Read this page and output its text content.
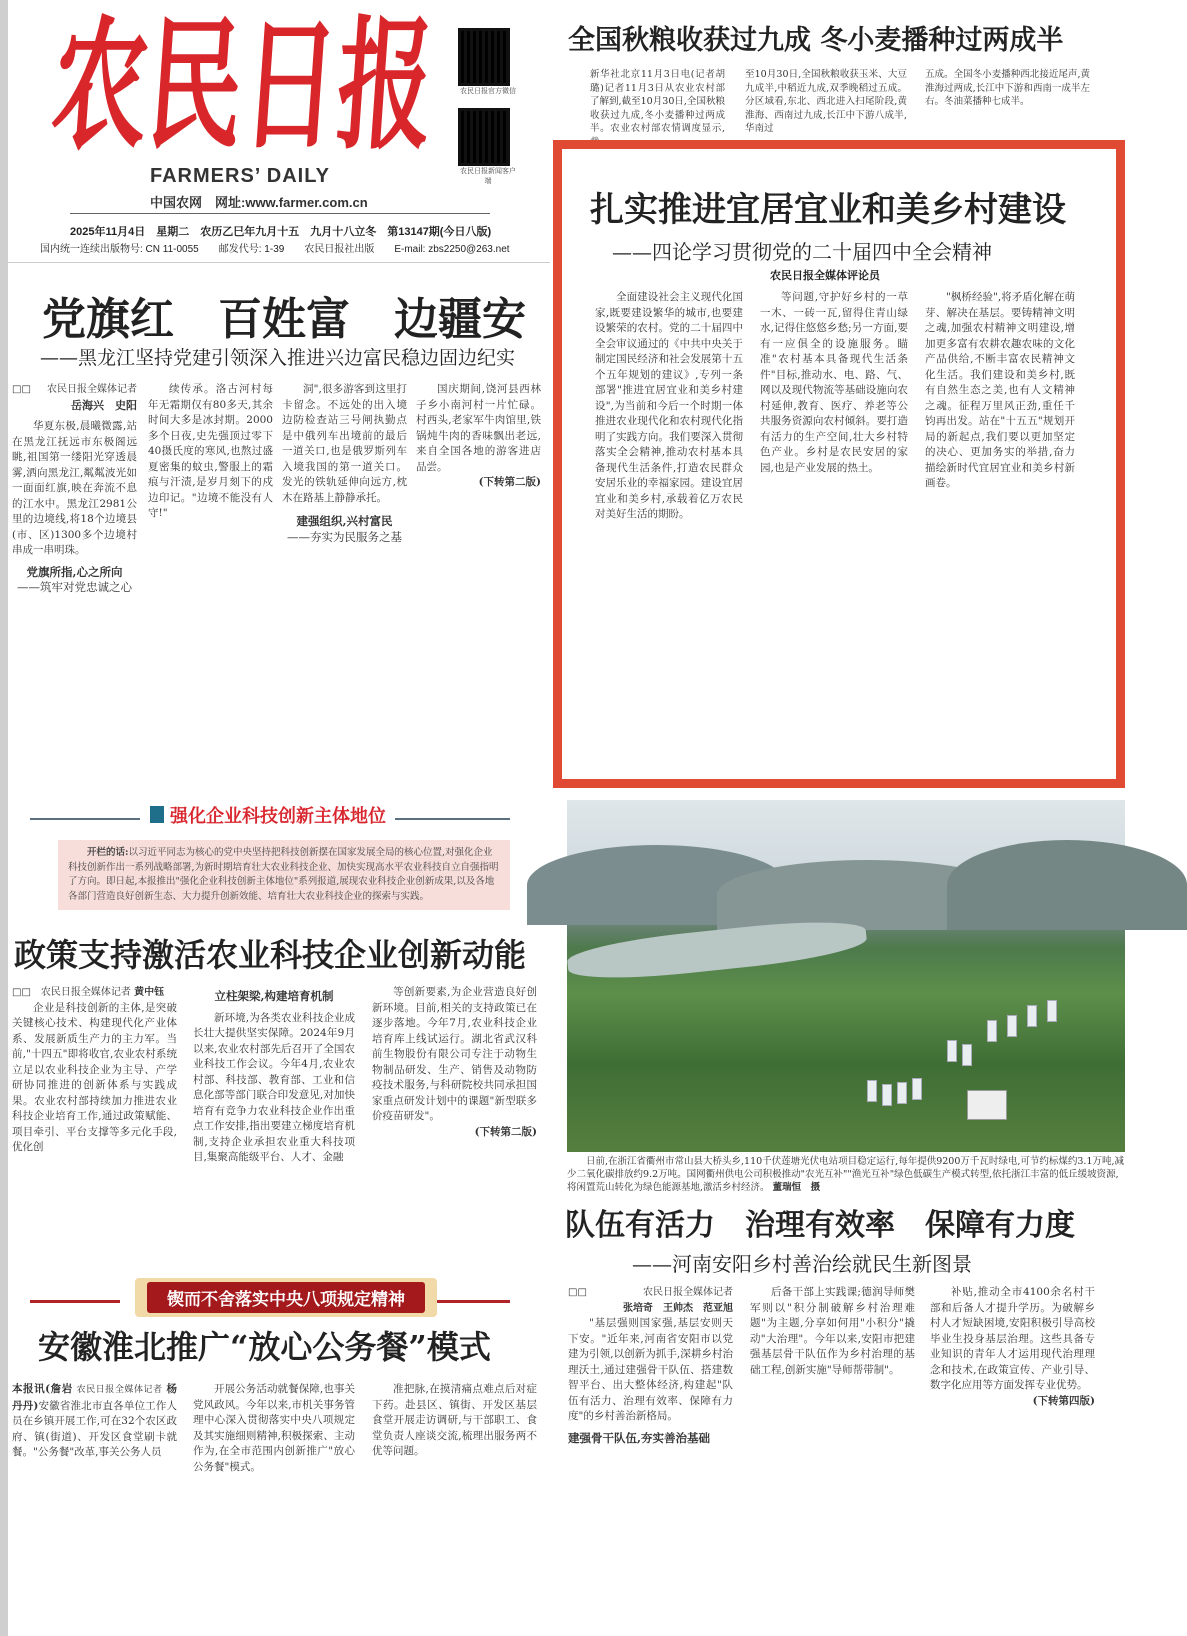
农民日报
FARMERS’ DAILY
农民日报官方微信
农民日报新闻客户端
中国农网　网址:www.farmer.com.cn
2025年11月4日　 星期二　 农历乙巳年九月十五　 九月十八立冬　 第13147期(今日八版)
国内统一连续出版物号: CN 11-0055　　 邮发代号: 1-39　　 农民日报社出版　　 E-mail: zbs2250@263.net
全国秋粮收获过九成 冬小麦播种过两成半
新华社北京11月3日电(记者胡璐)记者11月3日从农业农村部了解到,截至10月30日,全国秋粮收获过九成,冬小麦播种过两成半。农业农村部农情调度显示,截
至10月30日,全国秋粮收获玉米、大豆九成半,中稻近九成,双季晚稻过五成。分区域看,东北、西北进入扫尾阶段,黄淮海、西南过九成,长江中下游八成半,华南过
五成。全国冬小麦播种西北接近尾声,黄淮海过两成,长江中下游和西南一成半左右。冬油菜播种七成半。
扎实推进宜居宜业和美乡村建设
——四论学习贯彻党的二十届四中全会精神
农民日报全媒体评论员

全面建设社会主义现代化国家,既要建设繁华的城市,也要建设繁荣的农村。党的二十届四中全会审议通过的《中共中央关于制定国民经济和社会发展第十五个五年规划的建议》,专列一条部署"推进宜居宜业和美乡村建设",为当前和今后一个时期一体推进农业现代化和农村现代化指明了实践方向。我们要深入贯彻落实全会精神,推动农村基本具备现代生活条件,打造农民群众安居乐业的幸福家园。建设宜居宜业和美乡村,承载着亿万农民对美好生活的期盼。

等问题,守护好乡村的一草一木、一砖一瓦,留得住青山绿水,记得住悠悠乡愁;另一方面,要有一应俱全的设施服务。瞄准"农村基本具备现代生活条件"目标,推动水、电、路、气、网以及现代物流等基础设施向农村延伸,教育、医疗、养老等公共服务资源向农村倾斜。要打造有活力的生产空间,壮大乡村特色产业。乡村是农民安居的家园,也是产业发展的热土。

"枫桥经验",将矛盾化解在萌芽、解决在基层。要铸精神文明之魂,加强农村精神文明建设,增加更多富有农耕农趣农味的文化产品供给,不断丰富农民精神文化生活。我们建设和美乡村,既有自然生态之美,也有人文精神之魂。征程万里风正劲,重任千钧再出发。站在"十五五"规划开局的新起点,我们要以更加坚定的决心、更加务实的举措,奋力描绘新时代宜居宜业和美乡村新画卷。

党旗红　百姓富　边疆安
——黑龙江坚持党建引领深入推进兴边富民稳边固边纪实
□□ 农民日报全媒体记者
岳海兴　史阳

华夏东极,晨曦微露,站在黑龙江抚远市东极阁远眺,祖国第一缕阳光穿透晨雾,洒向黑龙江,粼粼波光如一面面红旗,映在奔流不息的江水中。黑龙江2981公里的边境线,将18个边境县(市、区)1300多个边境村串成一串明珠。

党旗所指,心之所向

——筑牢对党忠诚之心

续传承。洛古河村每年无霜期仅有80多天,其余时间大多是冰封期。2000多个日夜,史先强顶过零下40摄氏度的寒风,也熬过盛夏密集的蚊虫,警服上的霜痕与汗渍,是岁月刻下的戍边印记。"边境不能没有人守!"

洞",很多游客到这里打卡留念。不远处的出入境边防检查站三号闸执勤点是中俄列车出境前的最后一道关口,也是俄罗斯列车入境我国的第一道关口。发光的铁轨延伸向远方,枕木在路基上静静承托。

建强组织,兴村富民

——夯实为民服务之基

国庆期间,饶河县西林子乡小南河村一片忙碌。村西头,老家军牛肉馆里,铁锅炖牛肉的香味飘出老远,来自全国各地的游客进店品尝。

(下转第二版)

强化企业科技创新主体地位
开栏的话:以习近平同志为核心的党中央坚持把科技创新摆在国家发展全局的核心位置,对强化企业科技创新作出一系列战略部署,为新时期培育壮大农业科技企业、加快实现高水平农业科技自立自强指明了方向。即日起,本报推出"强化企业科技创新主体地位"系列报道,展现农业科技企业创新成果,以及各地各部门营造良好创新生态、大力提升创新效能、培育壮大农业科技企业的探索与实践。
政策支持激活农业科技企业创新动能
□□　 农民日报全媒体记者 黄中钰

企业是科技创新的主体,是突破关键核心技术、构建现代化产业体系、发展新质生产力的主力军。当前,"十四五"即将收官,农业农村系统立足以农业科技企业为主导、产学研协同推进的创新体系与实践成果。农业农村部持续加力推进农业科技企业培育工作,通过政策赋能、项目牵引、平台支撑等多元化手段,优化创

立柱架梁,构建培育机制

新环境,为各类农业科技企业成长壮大提供坚实保障。2024年9月以来,农业农村部先后召开了全国农业科技工作会议。今年4月,农业农村部、科技部、教育部、工业和信息化部等部门联合印发意见,对加快培育有竞争力农业科技企业作出重点工作安排,指出要建立梯度培育机制,支持企业承担农业重大科技项目,集聚高能级平台、人才、金融

等创新要素,为企业营造良好创新环境。目前,相关的支持政策已在逐步落地。今年7月,农业科技企业培育库上线试运行。湖北省武汉科前生物股份有限公司专注于动物生物制品研发、生产、销售及动物防疫技术服务,与科研院校共同承担国家重点研发计划中的课题"新型联多价疫苗研发"。

(下转第二版)

锲而不舍落实中央八项规定精神
安徽淮北推广“放心公务餐”模式
本报讯(詹岩 农民日报全媒体记者 杨丹丹)安徽省淮北市直各单位工作人员在乡镇开展工作,可在32个农区政府、镇(街道)、开发区食堂刷卡就餐。"公务餐"改革,事关公务人员

开展公务活动就餐保障,也事关党风政风。今年以来,市机关事务管理中心深入贯彻落实中央八项规定及其实施细则精神,积极探索、主动作为,在全市范围内创新推广"放心公务餐"模式。

准把脉,在摸清痛点难点后对症下药。赴县区、镇街、开发区基层食堂开展走访调研,与干部职工、食堂负责人座谈交流,梳理出服务两不优等问题。

日前,在浙江省衢州市常山县大桥头乡,110千伏莲塘光伏电站项目稳定运行,每年提供9200万千瓦时绿电,可节约标煤约3.1万吨,减少二氧化碳排放约9.2万吨。国网衢州供电公司积极推动"农光互补""渔光互补"绿色低碳生产模式转型,依托浙江丰富的低丘缓坡资源,将闲置荒山转化为绿色能源基地,激活乡村经济。 董瑞恒　摄
队伍有活力　治理有效率　保障有力度
——河南安阳乡村善治绘就民生新图景
□□	农民日报全媒体记者
张培奇　王帅杰　范亚旭

"基层强则国家强,基层安则天下安。"近年来,河南省安阳市以党建为引领,以创新为抓手,深耕乡村治理沃土,通过建强骨干队伍、搭建数智平台、出大整体经济,构建起"队伍有活力、治理有效率、保障有力度"的乡村善治新格局。

建强骨干队伍,夯实善治基础

后备干部上实践课;德润导师樊军则以"积分制破解乡村治理难题"为主题,分享如何用"小积分"撬动"大治理"。今年以来,安阳市把建强基层骨干队伍作为乡村治理的基础工程,创新实施"导师帮带制"。

补贴,推动全市4100余名村干部和后备人才提升学历。为破解乡村人才短缺困境,安阳积极引导高校毕业生投身基层治理。这些具备专业知识的青年人才运用现代治理理念和技术,在政策宣传、产业引导、数字化应用等方面发挥专业优势。

(下转第四版)
